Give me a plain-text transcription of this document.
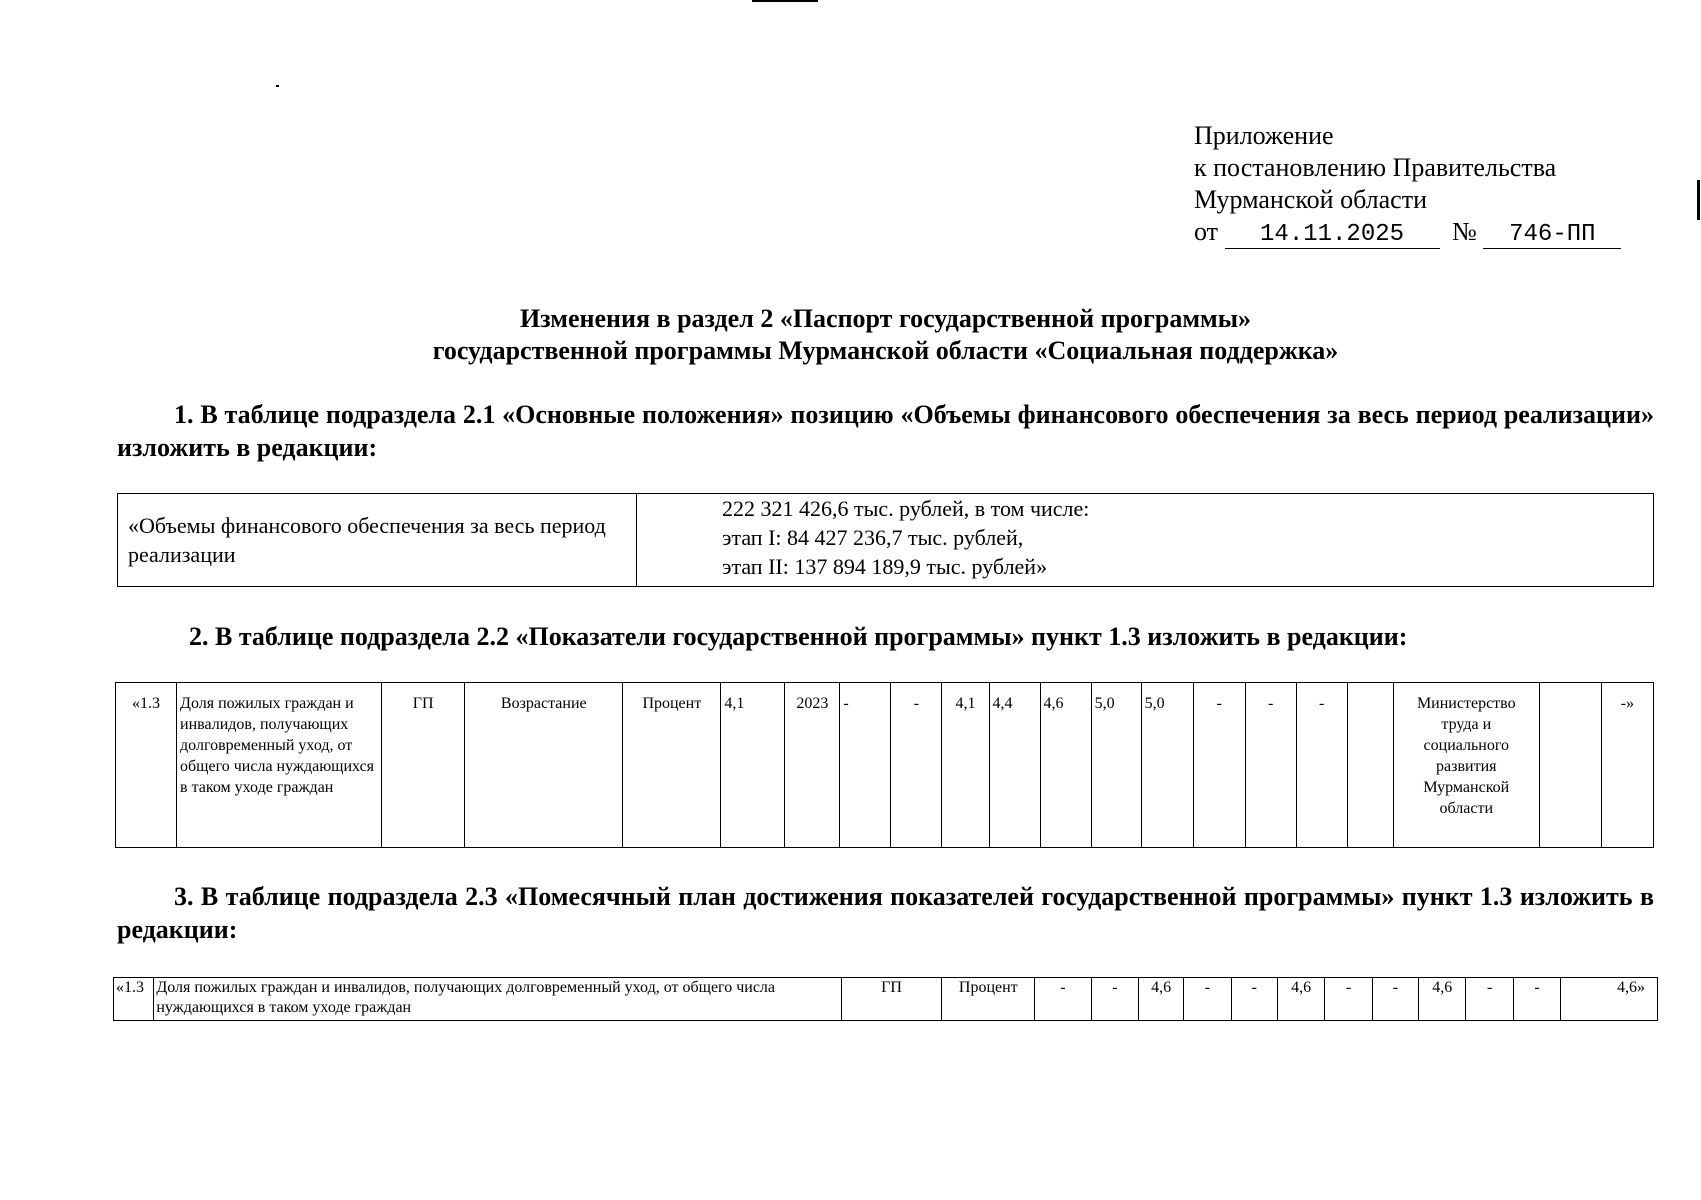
Приложение
к постановлению Правительства
Мурманской области
от 14.11.2025 № 746-ПП
Изменения в раздел 2 «Паспорт государственной программы»
государственной программы Мурманской области «Социальная поддержка»
1. В таблице подраздела 2.1 «Основные положения» позицию «Объемы финансового обеспечения за весь период реализации» изложить в редакции:
«Объемы финансового обеспечения за весь период реализации	
222 321 426,6 тыс. рублей, в том числе:
этап I: 84 427 236,7 тыс. рублей,
этап II: 137 894 189,9 тыс. рублей»
2. В таблице подраздела 2.2 «Показатели государственной программы» пункт 1.3 изложить в редакции:
«1.3	Доля пожилых граждан и инвалидов, получающих долговременный уход, от общего числа нуждающихся в таком уходе граждан	ГП	Возрастание	Процент	4,1	2023	-	-	4,1	4,4	4,6	5,0	5,0	-	-	-		Министерство труда и социального развития Мурманской области		-»
3. В таблице подраздела 2.3 «Помесячный план достижения показателей государственной программы» пункт 1.3 изложить в редакции:
«1.3	Доля пожилых граждан и инвалидов, получающих долговременный уход, от общего числа нуждающихся в таком уходе граждан	ГП	Процент	-	-	4,6	-	-	4,6	-	-	4,6	-	-	4,6»
